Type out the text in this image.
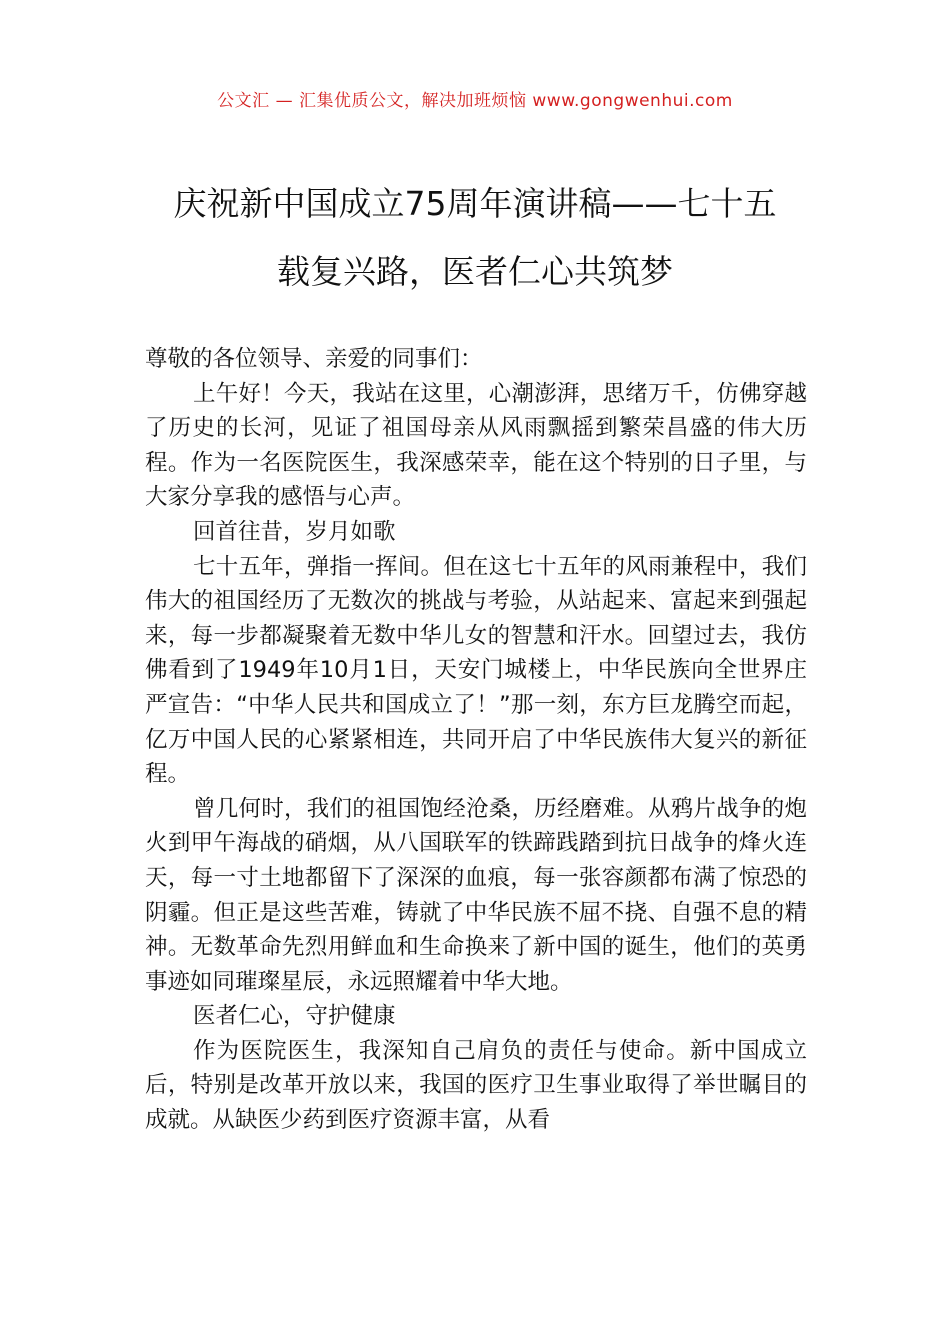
公文汇 — 汇集优质公文，解决加班烦恼 www.gongwenhui.com
庆祝新中国成立75周年演讲稿——七十五
载复兴路，医者仁心共筑梦

尊敬的各位领导、亲爱的同事们：

上午好！今天，我站在这里，心潮澎湃，思绪万千，仿佛穿越了历史的长河，见证了祖国母亲从风雨飘摇到繁荣昌盛的伟大历程。作为一名医院医生，我深感荣幸，能在这个特别的日子里，与大家分享我的感悟与心声。

回首往昔，岁月如歌

七十五年，弹指一挥间。但在这七十五年的风雨兼程中，我们伟大的祖国经历了无数次的挑战与考验，从站起来、富起来到强起来，每一步都凝聚着无数中华儿女的智慧和汗水。回望过去，我仿佛看到了1949年10月1日，天安门城楼上，中华民族向全世界庄严宣告：“中华人民共和国成立了！”那一刻，东方巨龙腾空而起，亿万中国人民的心紧紧相连，共同开启了中华民族伟大复兴的新征程。

曾几何时，我们的祖国饱经沧桑，历经磨难。从鸦片战争的炮火到甲午海战的硝烟，从八国联军的铁蹄践踏到抗日战争的烽火连天，每一寸土地都留下了深深的血痕，每一张容颜都布满了惊恐的阴霾。但正是这些苦难，铸就了中华民族不屈不挠、自强不息的精神。无数革命先烈用鲜血和生命换来了新中国的诞生，他们的英勇事迹如同璀璨星辰，永远照耀着中华大地。

医者仁心，守护健康

作为医院医生，我深知自己肩负的责任与使命。新中国成立后，特别是改革开放以来，我国的医疗卫生事业取得了举世瞩目的成就。从缺医少药到医疗资源丰富，从看
